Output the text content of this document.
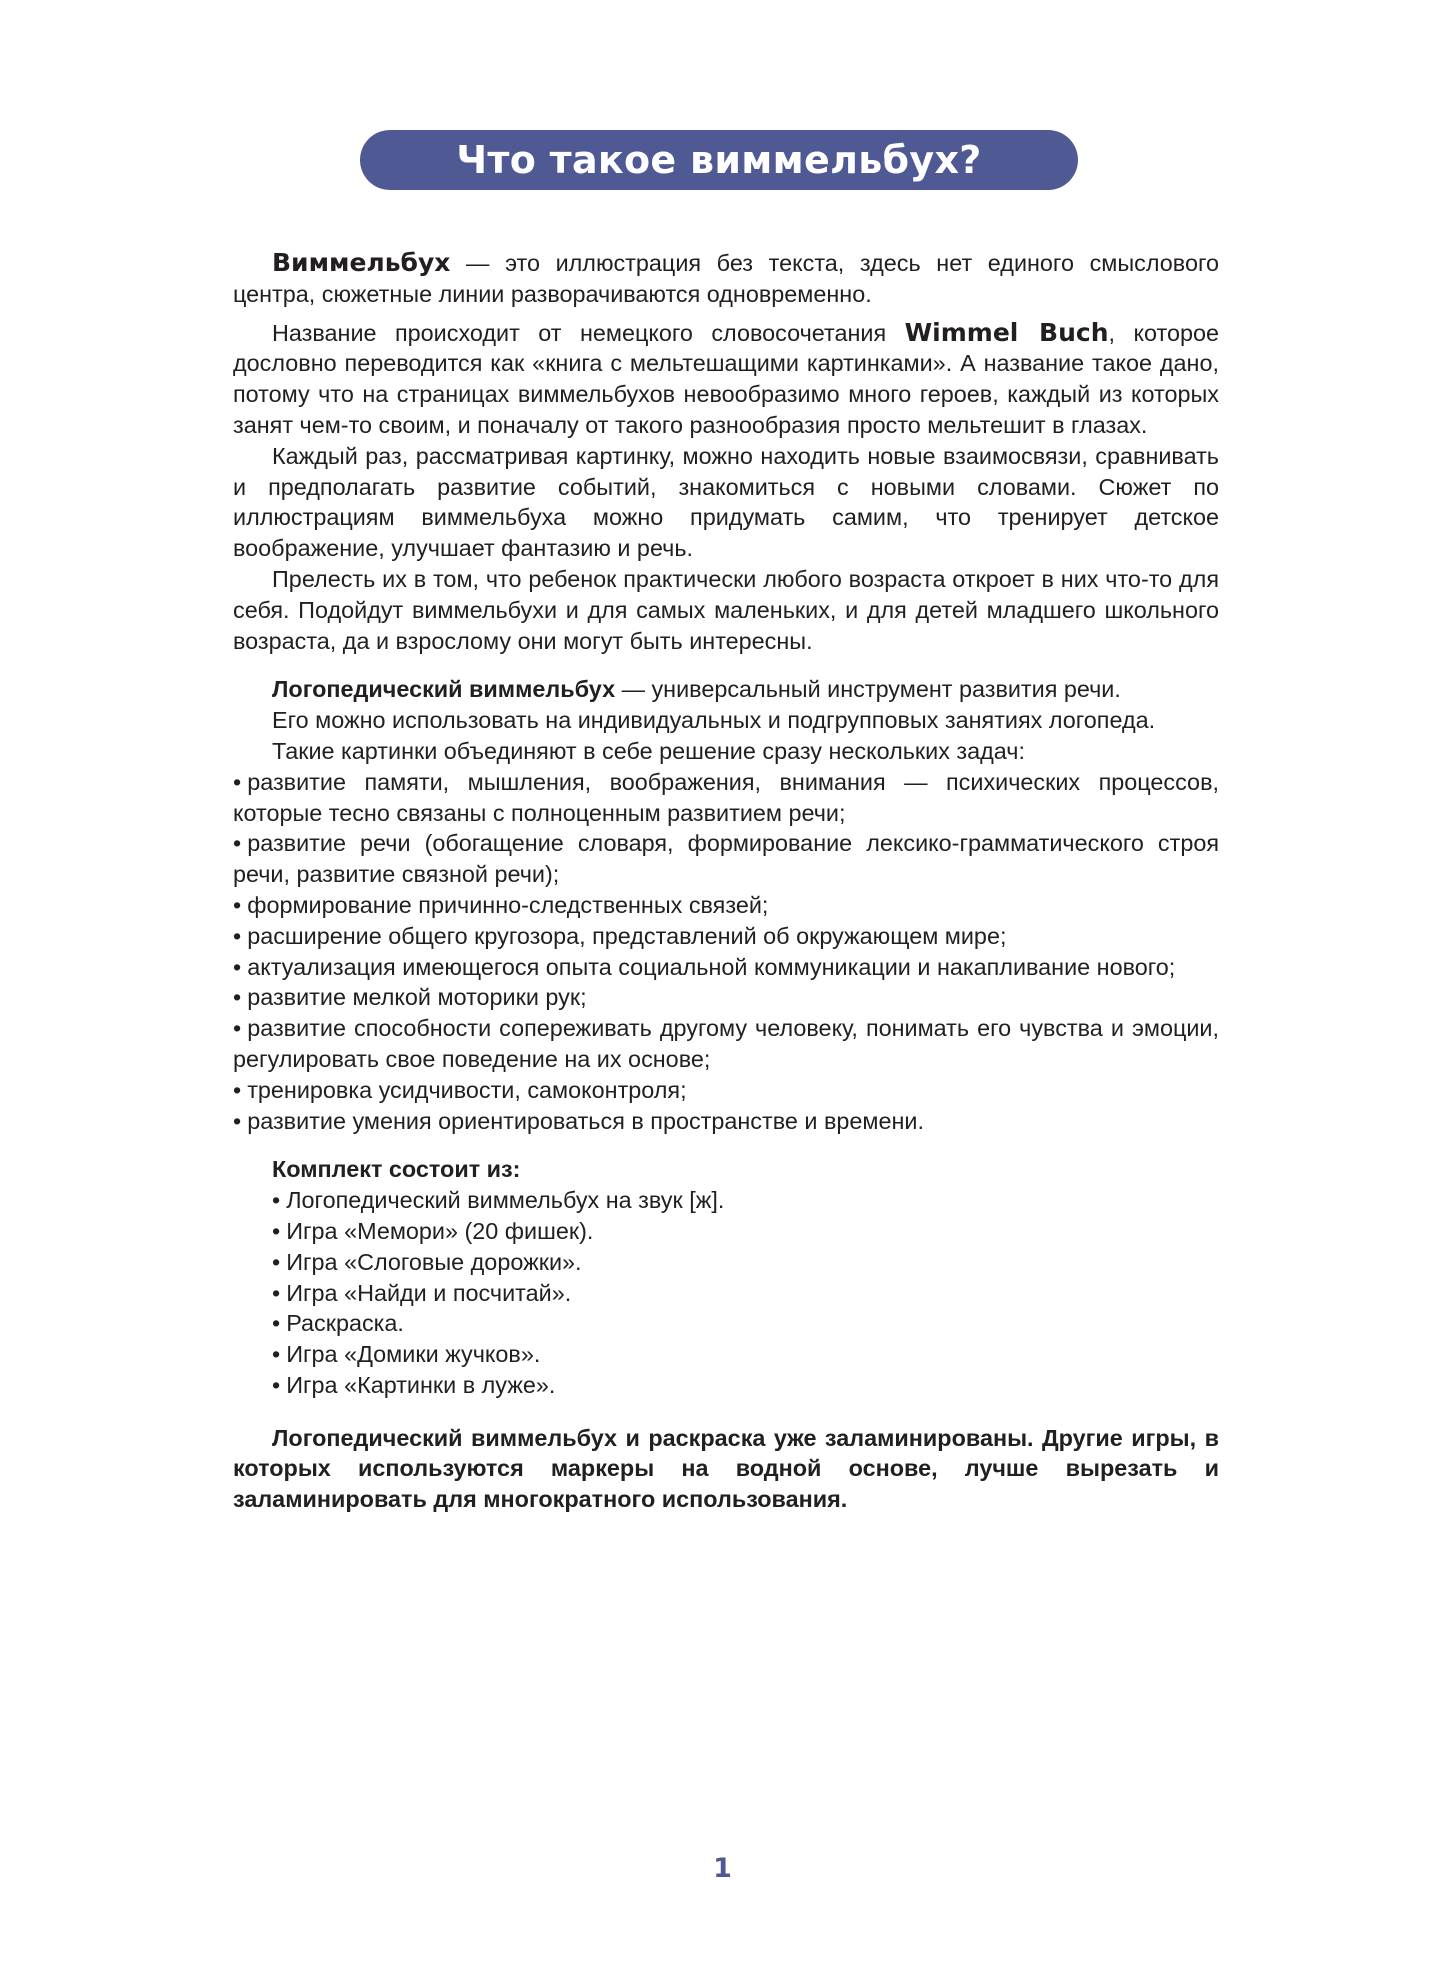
Что такое виммельбух?

Виммельбух — это иллюстрация без текста, здесь нет единого смыслового центра, сюжетные линии разворачиваются одновременно.

Название происходит от немецкого словосочетания Wimmel Buch, которое дословно переводится как «книга с мельтешащими картинками». А название такое дано, потому что на страницах виммельбухов невообразимо много героев, каждый из которых занят чем-то своим, и поначалу от такого разнообразия просто мельтешит в глазах.

Каждый раз, рассматривая картинку, можно находить новые взаимосвязи, сравнивать и предполагать развитие событий, знакомиться с новыми словами. Сюжет по иллюстрациям виммельбуха можно придумать самим, что тренирует детское воображение, улучшает фантазию и речь.

Прелесть их в том, что ребенок практически любого возраста откроет в них что-то для себя. Подойдут виммельбухи и для самых маленьких, и для детей младшего школьного возраста, да и взрослому они могут быть интересны.

Логопедический виммельбух — универсальный инструмент развития речи.

Его можно использовать на индивидуальных и подгрупповых занятиях логопеда.

Такие картинки объединяют в себе решение сразу нескольких задач:

• развитие памяти, мышления, воображения, внимания — психических процессов, которые тесно связаны с полноценным развитием речи;
• развитие речи (обогащение словаря, формирование лексико-грамматического строя речи, развитие связной речи);
• формирование причинно-следственных связей;
• расширение общего кругозора, представлений об окружающем мире;
• актуализация имеющегося опыта социальной коммуникации и накапливание нового;
• развитие мелкой моторики рук;
• развитие способности сопереживать другому человеку, понимать его чувства и эмоции, регулировать свое поведение на их основе;
• тренировка усидчивости, самоконтроля;
• развитие умения ориентироваться в пространстве и времени.

Комплект состоит из:

• Логопедический виммельбух на звук [ж].
• Игра «Мемори» (20 фишек).
• Игра «Слоговые дорожки».
• Игра «Найди и посчитай».
• Раскраска.
• Игра «Домики жучков».
• Игра «Картинки в луже».

Логопедический виммельбух и раскраска уже заламинированы. Другие игры, в которых используются маркеры на водной основе, лучше вырезать и заламинировать для многократного использования.

1
